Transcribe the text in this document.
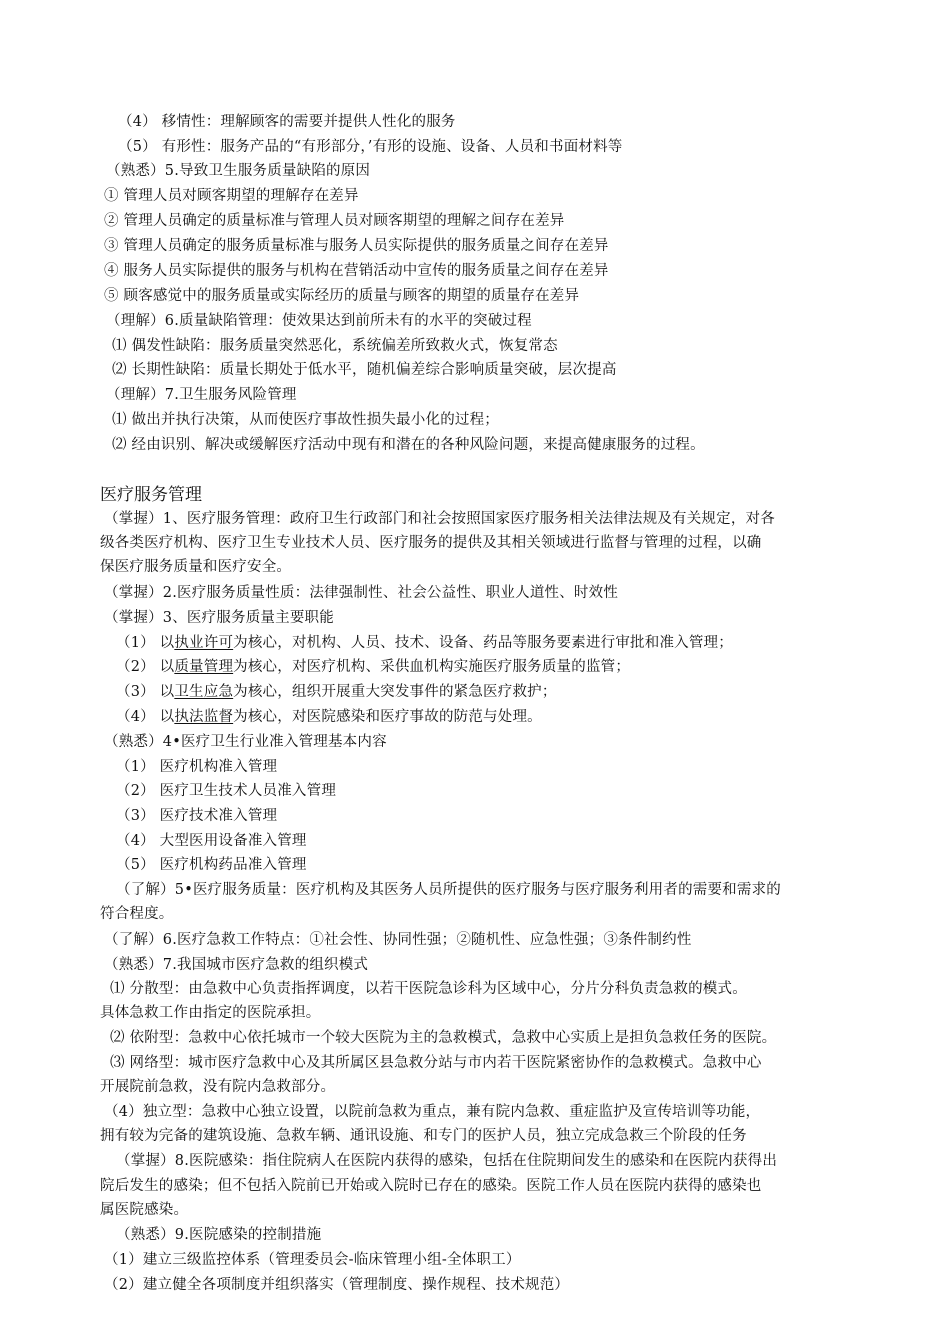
（4） 移情性：理解顾客的需要并提供人性化的服务
（5） 有形性：服务产品的“有形部分，’有形的设施、设备、人员和书面材料等
（熟悉）5.导致卫生服务质量缺陷的原因
① 管理人员对顾客期望的理解存在差异
② 管理人员确定的质量标准与管理人员对顾客期望的理解之间存在差异
③ 管理人员确定的服务质量标准与服务人员实际提供的服务质量之间存在差异
④ 服务人员实际提供的服务与机构在营销活动中宣传的服务质量之间存在差异
⑤ 顾客感觉中的服务质量或实际经历的质量与顾客的期望的质量存在差异
（理解）6.质量缺陷管理：使效果达到前所未有的水平的突破过程
⑴ 偶发性缺陷：服务质量突然恶化，系统偏差所致救火式，恢复常态
⑵ 长期性缺陷：质量长期处于低水平，随机偏差综合影响质量突破，层次提高
（理解）7.卫生服务风险管理
⑴ 做出并执行决策，从而使医疗事故性损失最小化的过程；
⑵ 经由识别、解决或缓解医疗活动中现有和潜在的各种风险问题，来提高健康服务的过程。
医疗服务管理
（掌握）1、医疗服务管理：政府卫生行政部门和社会按照国家医疗服务相关法律法规及有关规定，对各
级各类医疗机构、医疗卫生专业技术人员、医疗服务的提供及其相关领域进行监督与管理的过程，以确
保医疗服务质量和医疗安全。
（掌握）2.医疗服务质量性质：法律强制性、社会公益性、职业人道性、时效性
（掌握）3、医疗服务质量主要职能
（1） 以执业许可为核心，对机构、人员、技术、设备、药品等服务要素进行审批和准入管理；
（2） 以质量管理为核心，对医疗机构、采供血机构实施医疗服务质量的监管；
（3） 以卫生应急为核心，组织开展重大突发事件的紧急医疗救护；
（4） 以执法监督为核心，对医院感染和医疗事故的防范与处理。
（熟悉）4•医疗卫生行业准入管理基本内容
（1） 医疗机构准入管理
（2） 医疗卫生技术人员准入管理
（3） 医疗技术准入管理
（4） 大型医用设备准入管理
（5） 医疗机构药品准入管理
（了解）5•医疗服务质量：医疗机构及其医务人员所提供的医疗服务与医疗服务利用者的需要和需求的
符合程度。
（了解）6.医疗急救工作特点：①社会性、协同性强；②随机性、应急性强；③条件制约性
（熟悉）7.我国城市医疗急救的组织模式
⑴ 分散型：由急救中心负责指挥调度，以若干医院急诊科为区域中心，分片分科负责急救的模式。
具体急救工作由指定的医院承担。
⑵ 依附型：急救中心依托城市一个较大医院为主的急救模式，急救中心实质上是担负急救任务的医院。
⑶ 网络型：城市医疗急救中心及其所属区县急救分站与市内若干医院紧密协作的急救模式。急救中心
开展院前急救，没有院内急救部分。
（4）独立型：急救中心独立设置，以院前急救为重点，兼有院内急救、重症监护及宣传培训等功能，
拥有较为完备的建筑设施、急救车辆、通讯设施、和专门的医护人员，独立完成急救三个阶段的任务
（掌握）8.医院感染：指住院病人在医院内获得的感染，包括在住院期间发生的感染和在医院内获得出
院后发生的感染；但不包括入院前已开始或入院时已存在的感染。医院工作人员在医院内获得的感染也
属医院感染。
（熟悉）9.医院感染的控制措施
（1）建立三级监控体系（管理委员会-临床管理小组-全体职工）
（2）建立健全各项制度并组织落实（管理制度、操作规程、技术规范）
